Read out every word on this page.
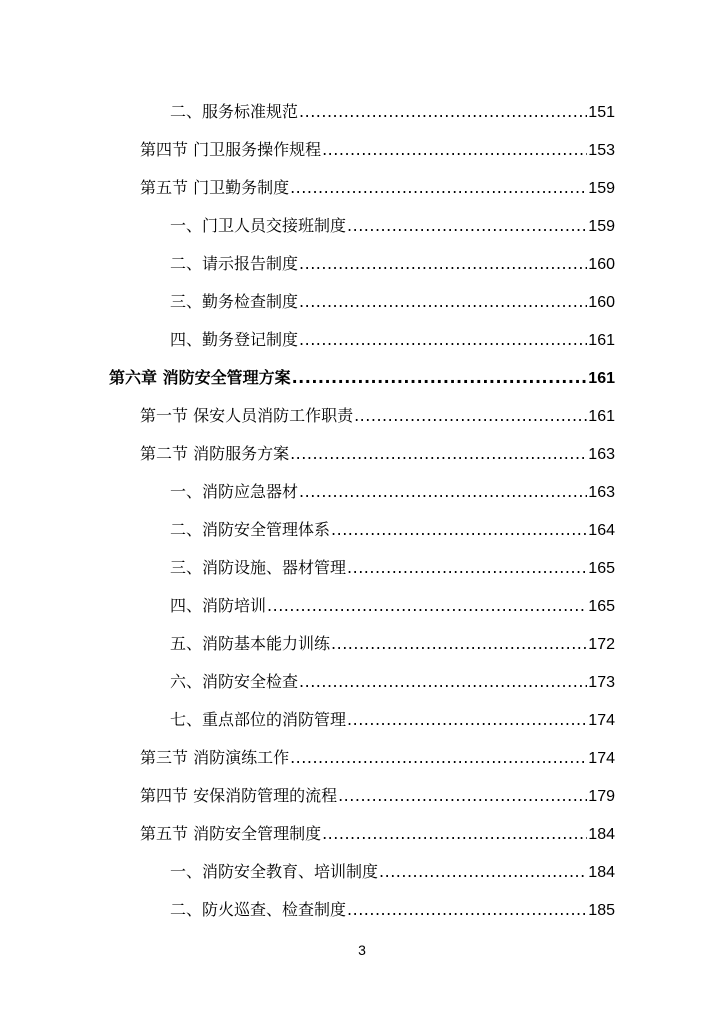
二、服务标准规范 .....	151
第四节 门卫服务操作规程 .....	153
第五节 门卫勤务制度 .....	159
一、门卫人员交接班制度 .....	159
二、请示报告制度 .....	160
三、勤务检查制度 .....	160
四、勤务登记制度 .....	161
第六章 消防安全管理方案 .....	161
第一节 保安人员消防工作职责 .....	161
第二节 消防服务方案 .....	163
一、消防应急器材 .....	163
二、消防安全管理体系 .....	164
三、消防设施、器材管理 .....	165
四、消防培训 .....	165
五、消防基本能力训练 .....	172
六、消防安全检查 .....	173
七、重点部位的消防管理 .....	174
第三节 消防演练工作 .....	174
第四节 安保消防管理的流程 .....	179
第五节 消防安全管理制度 .....	184
一、消防安全教育、培训制度 .....	184
二、防火巡查、检查制度 .....	185
3
